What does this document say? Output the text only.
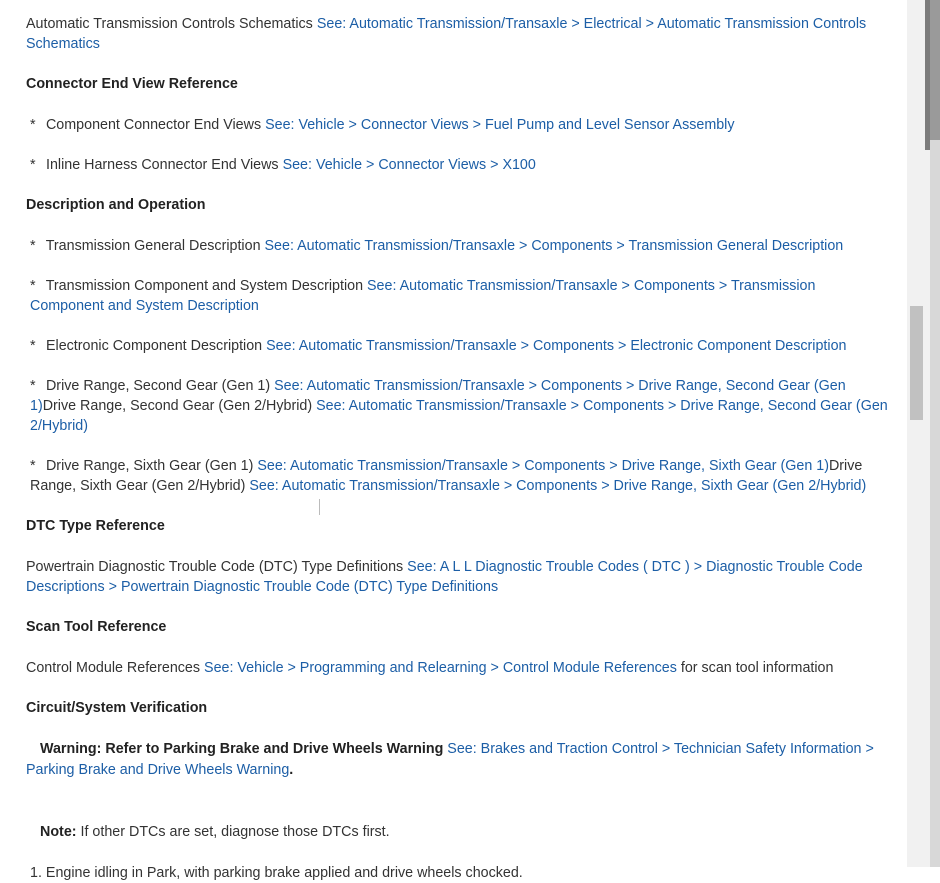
Automatic Transmission Controls Schematics See: Automatic Transmission/Transaxle > Electrical > Automatic Transmission Controls Schematics

Connector End View Reference

* Component Connector End Views See: Vehicle > Connector Views > Fuel Pump and Level Sensor Assembly

* Inline Harness Connector End Views See: Vehicle > Connector Views > X100

Description and Operation

* Transmission General Description See: Automatic Transmission/Transaxle > Components > Transmission General Description

* Transmission Component and System Description See: Automatic Transmission/Transaxle > Components > Transmission Component and System Description

* Electronic Component Description See: Automatic Transmission/Transaxle > Components > Electronic Component Description

* Drive Range, Second Gear (Gen 1) See: Automatic Transmission/Transaxle > Components > Drive Range, Second Gear (Gen 1)Drive Range, Second Gear (Gen 2/Hybrid) See: Automatic Transmission/Transaxle > Components > Drive Range, Second Gear (Gen 2/Hybrid)

* Drive Range, Sixth Gear (Gen 1) See: Automatic Transmission/Transaxle > Components > Drive Range, Sixth Gear (Gen 1)Drive Range, Sixth Gear (Gen 2/Hybrid) See: Automatic Transmission/Transaxle > Components > Drive Range, Sixth Gear (Gen 2/Hybrid)

DTC Type Reference

Powertrain Diagnostic Trouble Code (DTC) Type Definitions See: A L L Diagnostic Trouble Codes ( DTC ) > Diagnostic Trouble Code Descriptions > Powertrain Diagnostic Trouble Code (DTC) Type Definitions

Scan Tool Reference

Control Module References See: Vehicle > Programming and Relearning > Control Module References for scan tool information

Circuit/System Verification

Warning: Refer to Parking Brake and Drive Wheels Warning See: Brakes and Traction Control > Technician Safety Information > Parking Brake and Drive Wheels Warning.

Note: If other DTCs are set, diagnose those DTCs first.

1. Engine idling in Park, with parking brake applied and drive wheels chocked.
